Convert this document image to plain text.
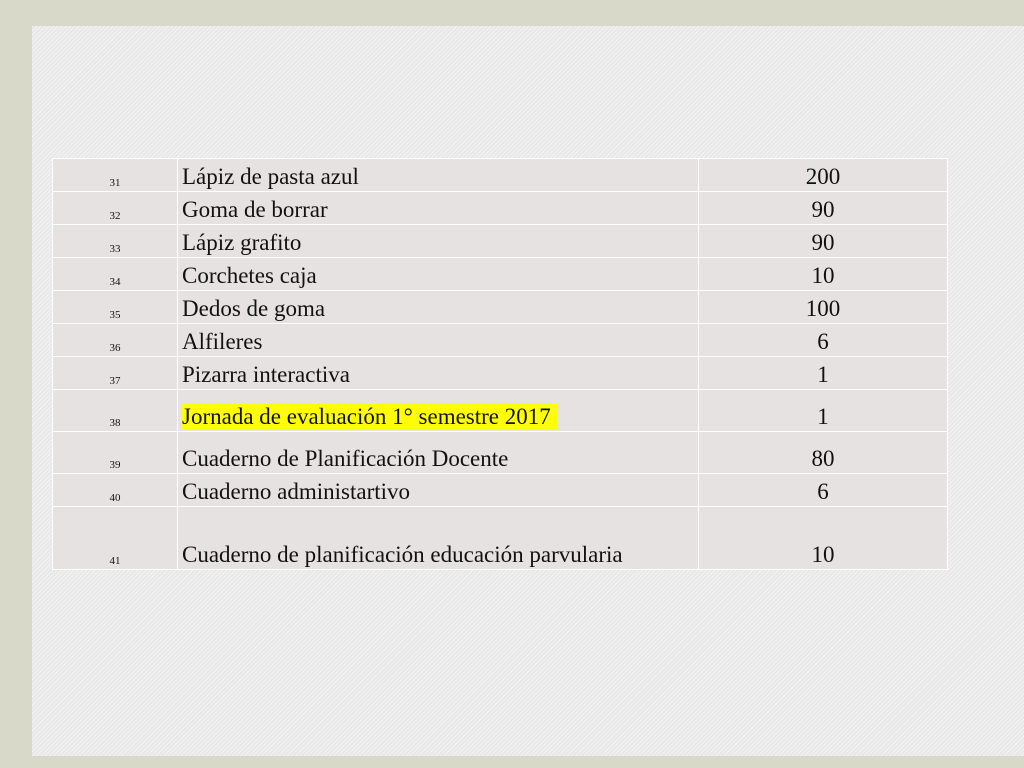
31	Lápiz de pasta azul	200
32	Goma de borrar	90
33	Lápiz grafito	90
34	Corchetes caja	10
35	Dedos de goma	100
36	Alfileres	6
37	Pizarra interactiva	1
38	Jornada de evaluación 1° semestre 2017	1
39	Cuaderno de Planificación Docente	80
40	Cuaderno administartivo	6
41	Cuaderno de planificación educación parvularia	10
